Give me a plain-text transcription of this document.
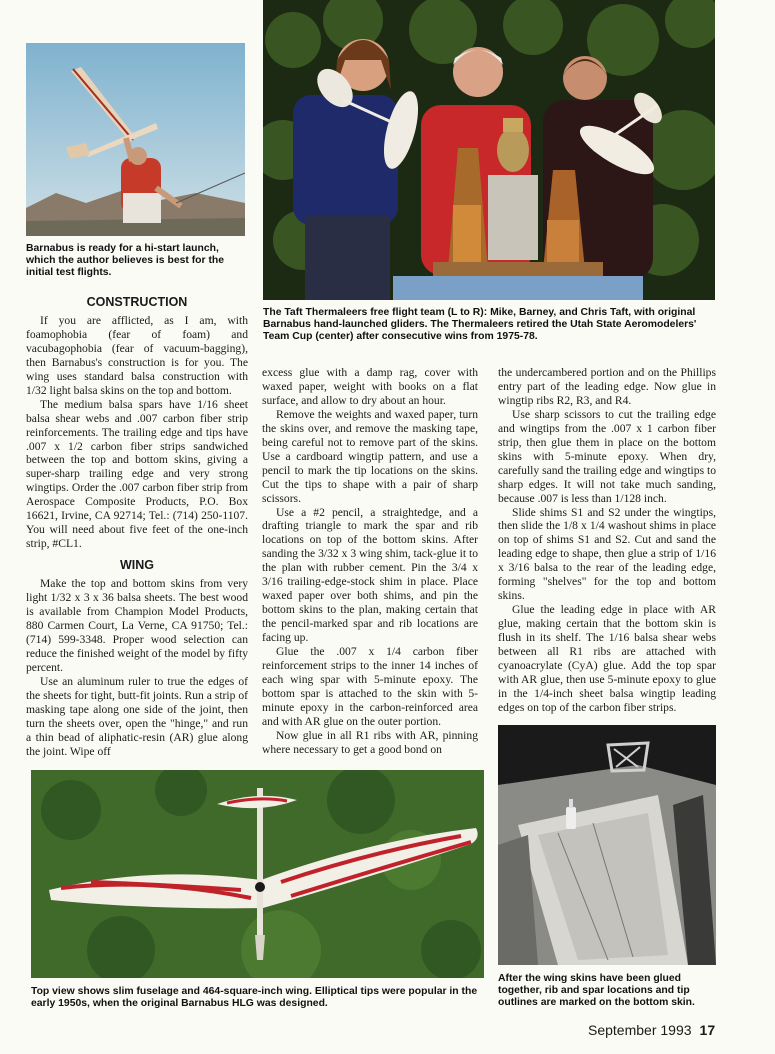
Barnabus is ready for a hi-start launch, which the author believes is best for the initial test flights.
The Taft Thermaleers free flight team (L to R): Mike, Barney, and Chris Taft, with original Barnabus hand-launched gliders. The Thermaleers retired the Utah State Aeromodelers' Team Cup (center) after consecutive wins from 1975-78.
CONSTRUCTION

If you are afflicted, as I am, with foamophobia (fear of foam) and vacubagophobia (fear of vacuum-bagging), then Barnabus's construction is for you. The wing uses standard balsa construction with 1/32 light balsa skins on the top and bottom.

The medium balsa spars have 1/16 sheet balsa shear webs and .007 carbon fiber strip reinforcements. The trailing edge and tips have .007 x 1/2 carbon fiber strips sandwiched between the top and bottom skins, giving a super-sharp trailing edge and very strong wingtips. Order the .007 carbon fiber strip from Aerospace Composite Products, P.O. Box 16621, Irvine, CA 92714; Tel.: (714) 250-1107. You will need about five feet of the one-inch strip, #CL1.

WING

Make the top and bottom skins from very light 1/32 x 3 x 36 balsa sheets. The best wood is available from Champion Model Products, 880 Carmen Court, La Verne, CA 91750; Tel.: (714) 599-3348. Proper wood selection can reduce the finished weight of the model by fifty percent.

Use an aluminum ruler to true the edges of the sheets for tight, butt-fit joints. Run a strip of masking tape along one side of the joint, then turn the sheets over, open the "hinge," and run a thin bead of aliphatic-resin (AR) glue along the joint. Wipe off

excess glue with a damp rag, cover with waxed paper, weight with books on a flat surface, and allow to dry about an hour.

Remove the weights and waxed paper, turn the skins over, and remove the masking tape, being careful not to remove part of the skins. Use a cardboard wingtip pattern, and use a pencil to mark the tip locations on the skins. Cut the tips to shape with a pair of sharp scissors.

Use a #2 pencil, a straightedge, and a drafting triangle to mark the spar and rib locations on top of the bottom skins. After sanding the 3/32 x 3 wing shim, tack-glue it to the plan with rubber cement. Pin the 3/4 x 3/16 trailing-edge-stock shim in place. Place waxed paper over both shims, and pin the bottom skins to the plan, making certain that the pencil-marked spar and rib locations are facing up.

Glue the .007 x 1/4 carbon fiber reinforcement strips to the inner 14 inches of each wing spar with 5-minute epoxy. The bottom spar is attached to the skin with 5-minute epoxy in the carbon-reinforced area and with AR glue on the outer portion.

Now glue in all R1 ribs with AR, pinning where necessary to get a good bond on

the undercambered portion and on the Phillips entry part of the leading edge. Now glue in wingtip ribs R2, R3, and R4.

Use sharp scissors to cut the trailing edge and wingtips from the .007 x 1 carbon fiber strip, then glue them in place on the bottom skins with 5-minute epoxy. When dry, carefully sand the trailing edge and wingtips to sharp edges. It will not take much sanding, because .007 is less than 1/128 inch.

Slide shims S1 and S2 under the wingtips, then slide the 1/8 x 1/4 washout shims in place on top of shims S1 and S2. Cut and sand the leading edge to shape, then glue a strip of 1/16 x 3/16 balsa to the rear of the leading edge, forming "shelves" for the top and bottom skins.

Glue the leading edge in place with AR glue, making certain that the bottom skin is flush in its shelf. The 1/16 balsa shear webs between all R1 ribs are attached with cyanoacrylate (CyA) glue. Add the top spar with AR glue, then use 5-minute epoxy to glue in the 1/4-inch sheet balsa wingtip leading edges on top of the carbon fiber strips.

Top view shows slim fuselage and 464-square-inch wing. Elliptical tips were popular in the early 1950s, when the original Barnabus HLG was designed.
After the wing skins have been glued together, rib and spar locations and tip outlines are marked on the bottom skin.
September 1993 17
